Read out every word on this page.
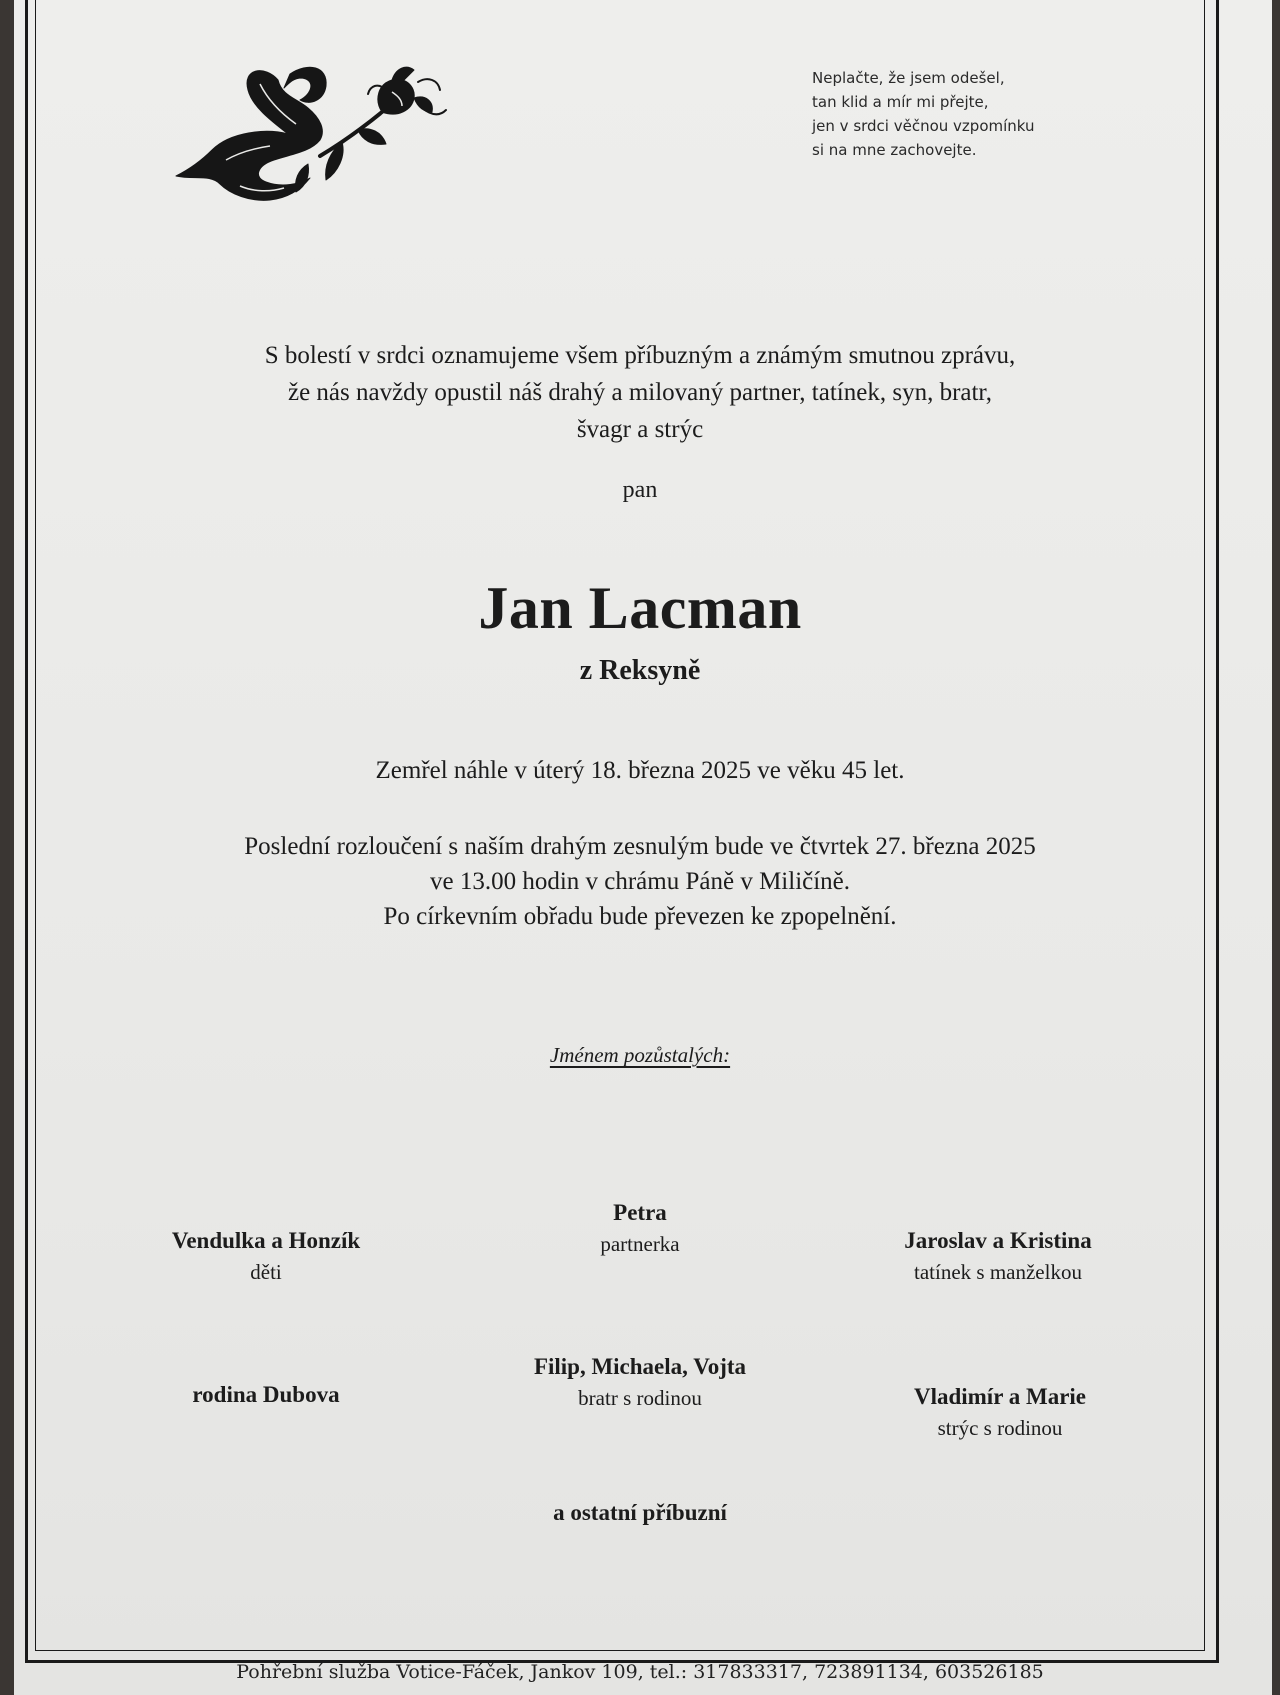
Neplačte, že jsem odešel,
tan klid a mír mi přejte,
jen v srdci věčnou vzpomínku
si na mne zachovejte.
S bolestí v srdci oznamujeme všem příbuzným a známým smutnou zprávu,
že nás navždy opustil náš drahý a milovaný partner, tatínek, syn, bratr,
švagr a strýc
pan
Jan Lacman
z Reksyně
Zemřel náhle v úterý 18. března 2025 ve věku 45 let.
Poslední rozloučení s naším drahým zesnulým bude ve čtvrtek 27. března 2025
ve 13.00 hodin v chrámu Páně v Miličíně.
Po církevním obřadu bude převezen ke zpopelnění.
Jménem pozůstalých:
Vendulka a Honzík
děti
Petra
partnerka	Jaroslav a Kristina
tatínek s manželkou
rodina Dubova
Filip, Michaela, Vojta
bratr s rodinou	Vladimír a Marie
strýc s rodinou
a ostatní příbuzní
Pohřební služba Votice-Fáček, Jankov 109, tel.: 317833317, 723891134, 603526185
